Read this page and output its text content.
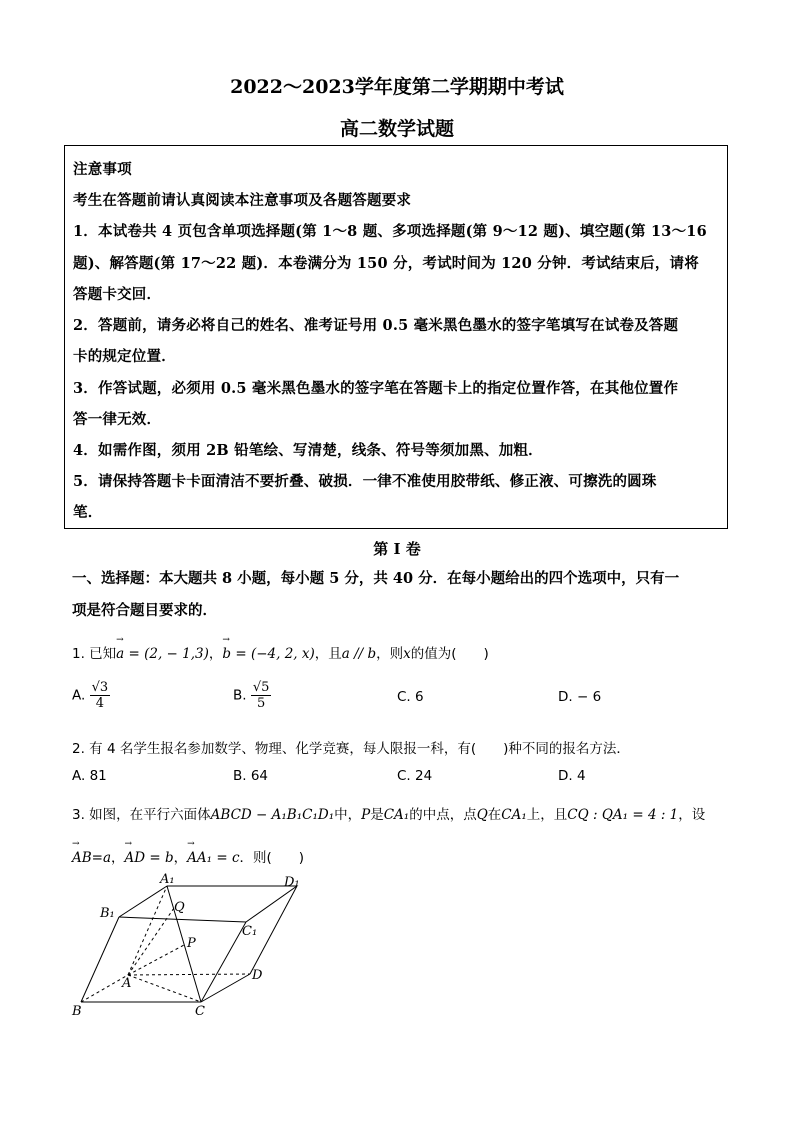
2022～2023学年度第二学期期中考试
高二数学试题
注意事项
考生在答题前请认真阅读本注意事项及各题答题要求
1．本试卷共 4 页包含单项选择题(第 1～8 题、多项选择题(第 9～12 题)、填空题(第 13～16
题)、解答题(第 17～22 题)．本卷满分为 150 分，考试时间为 120 分钟．考试结束后，请将
答题卡交回．
2．答题前，请务必将自己的姓名、准考证号用 0.5 毫米黑色墨水的签字笔填写在试卷及答题
卡的规定位置．
3．作答试题，必须用 0.5 毫米黑色墨水的签字笔在答题卡上的指定位置作答，在其他位置作
答一律无效．
4．如需作图，须用 2B 铅笔绘、写清楚，线条、符号等须加黑、加粗．
5．请保持答题卡卡面清洁不要折叠、破损．一律不准使用胶带纸、修正液、可擦洗的圆珠
笔．
第 I 卷
一、选择题：本大题共 8 小题，每小题 5 分，共 40 分．在每小题给出的四个选项中，只有一
项是符合题目要求的．
1. 已知→ a = (2, − 1,3)，→ b = (−4, 2, x)，且a // b，则x的值为(　　)
A. $\frac{√3}{4}$	B. $\frac{√5}{5}$	C. 6	D. − 6
2. 有 4 名学生报名参加数学、物理、化学竞赛，每人限报一科，有(　　)种不同的报名方法．
A. 81	B. 64	C. 24	D. 4
3. 如图，在平行六面体ABCD − A₁B₁C₁D₁中，P是CA₁的中点，点Q在CA₁上，且CQ : QA₁ = 4 : 1，设
→ AB=a，→ AD = b，→ AA₁ = c．则(　　)
A₁	D₁
B₁
C₁
Q
P
A
D
B	C
